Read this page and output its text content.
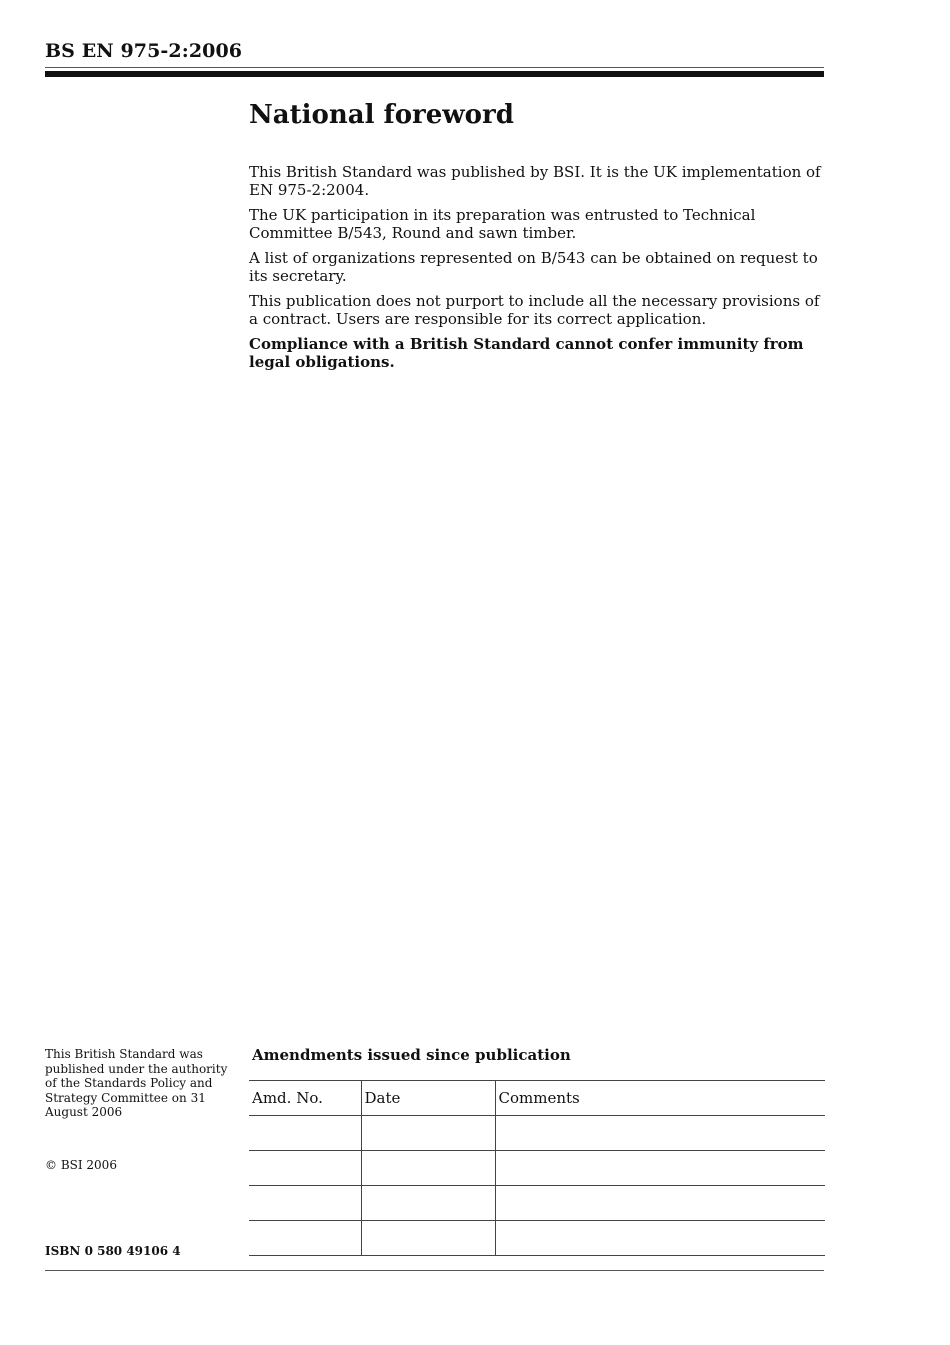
BS EN 975-2:2006
National foreword

This British Standard was published by BSI. It is the UK implementation of EN 975-2:2004.

The UK participation in its preparation was entrusted to Technical Committee B/543, Round and sawn timber.

A list of organizations represented on B/543 can be obtained on request to its secretary.

This publication does not purport to include all the necessary provisions of a contract. Users are responsible for its correct application.

Compliance with a British Standard cannot confer immunity from legal obligations.

This British Standard was published under the authority of the Standards Policy and Strategy Committee on 31 August 2006
© BSI 2006
ISBN 0 580 49106 4
Amendments issued since publication
Amd. No.	Date	Comments
